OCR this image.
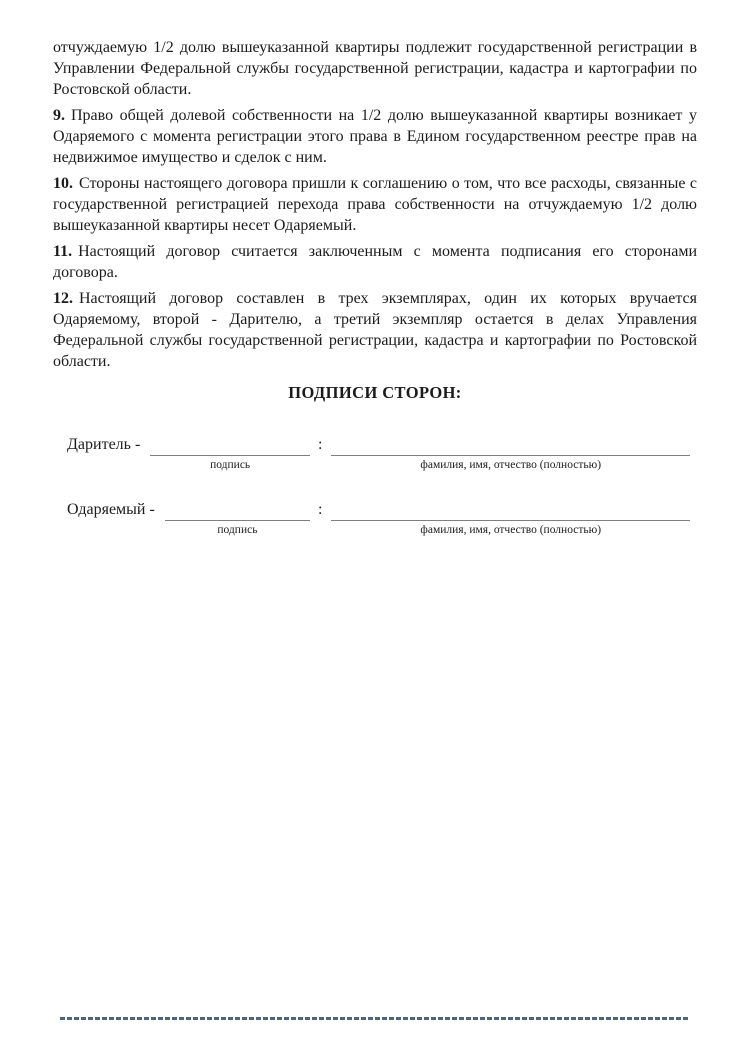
отчуждаемую 1/2 долю вышеуказанной квартиры подлежит государственной регистрации в Управлении Федеральной службы государственной регистрации, кадастра и картографии по Ростовской области.

9. Право общей долевой собственности на 1/2 долю вышеуказанной квартиры возникает у Одаряемого с момента регистрации этого права в Едином государственном реестре прав на недвижимое имущество и сделок с ним.

10. Стороны настоящего договора пришли к соглашению о том, что все расходы, связанные с государственной регистрацией перехода права собственности на отчуждаемую 1/2 долю вышеуказанной квартиры несет Одаряемый.

11. Настоящий договор считается заключенным с момента подписания его сторонами договора.

12. Настоящий договор составлен в трех экземплярах, один их которых вручается Одаряемому, второй - Дарителю, а третий экземпляр остается в делах Управления Федеральной службы государственной регистрации, кадастра и картографии по Ростовской области.

ПОДПИСИ СТОРОН:
Даритель -
подпись
:
фамилия, имя, отчество (полностью)
Одаряемый -
подпись
:
фамилия, имя, отчество (полностью)
